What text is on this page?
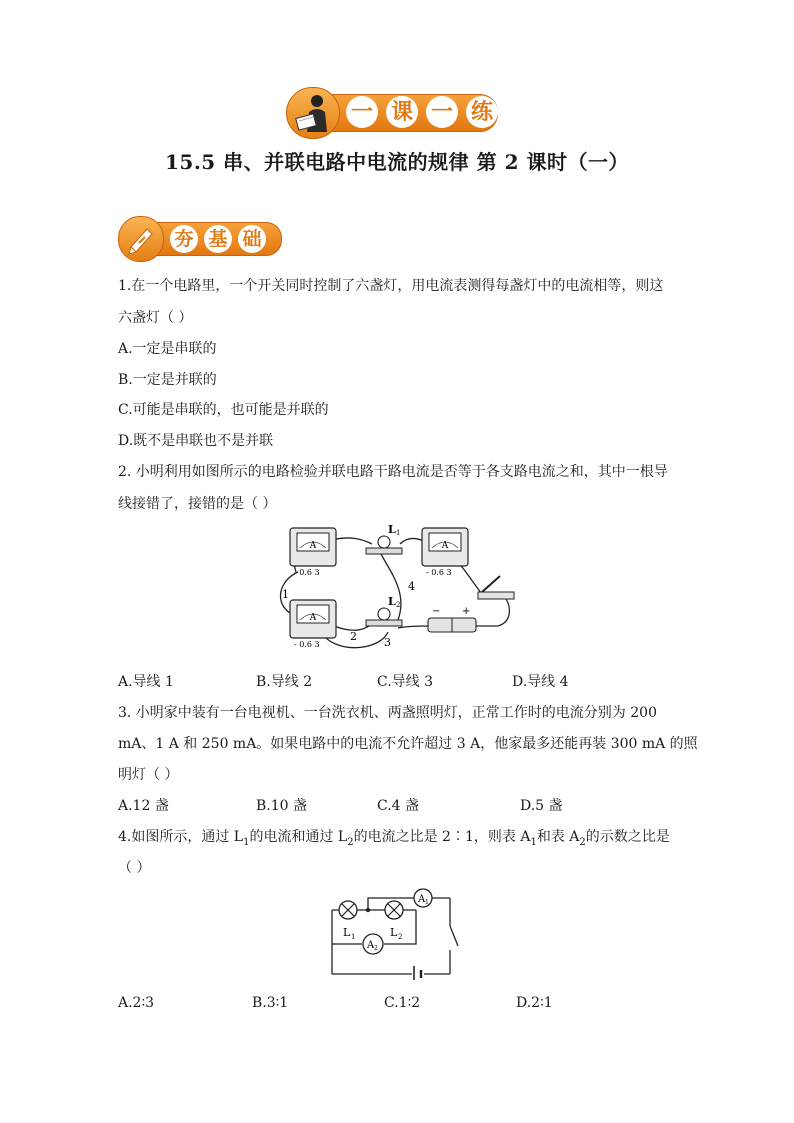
一 课 一 练
15.5 串、并联电路中电流的规律 第 2 课时（一）
夯 基 础
1.在一个电路里，一个开关同时控制了六盏灯，用电流表测得每盏灯中的电流相等，则这
六盏灯（ ）
A.一定是串联的
B.一定是并联的
C.可能是串联的，也可能是并联的
D.既不是串联也不是并联
2. 小明利用如图所示的电路检验并联电路干路电流是否等于各支路电流之和，其中一根导
线接错了，接错的是（ ）
A
- 0.6 3
A
- 0.6 3
A
- 0.6 3
L 1
L 2
− +
1
2 3
4
A.导线 1	B.导线 2	C.导线 3	D.导线 4
3. 小明家中装有一台电视机、一台洗衣机、两盏照明灯，正常工作时的电流分别为 200
mA、1 A 和 250 mA。如果电路中的电流不允许超过 3 A，他家最多还能再装 300 mA 的照
明灯（ ）
A.12 盏	B.10 盏	C.4 盏	D.5 盏
4.如图所示，通过 $L_1$的电流和通过 $L_2$的电流之比是 2∶1，则表 $A_1$和表 $A_2$的示数之比是
（ ）
L 1	L 2
A 1
A 2
A.2∶3	B.3∶1	C.1∶2	D.2∶1
